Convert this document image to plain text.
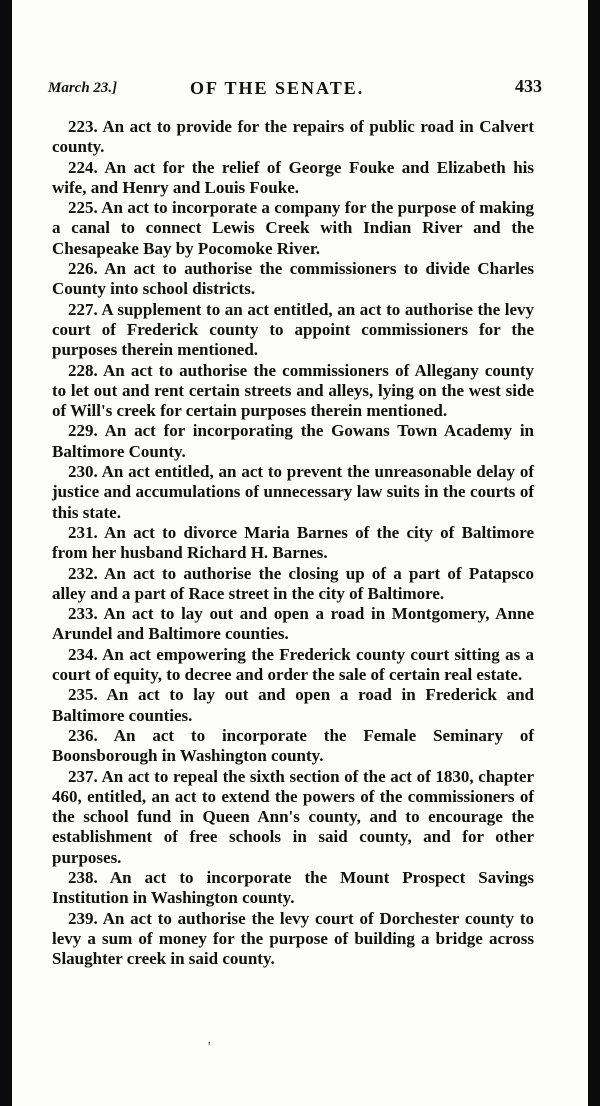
March 23.]	OF THE SENATE.	433

223. An act to provide for the repairs of public road in Calvert county.

224. An act for the relief of George Fouke and Elizabeth his wife, and Henry and Louis Fouke.

225. An act to incorporate a company for the purpose of making a canal to connect Lewis Creek with Indian River and the Chesapeake Bay by Pocomoke River.

226. An act to authorise the commissioners to divide Charles County into school districts.

227. A supplement to an act entitled, an act to authorise the levy court of Frederick county to appoint commissioners for the purposes therein mentioned.

228. An act to authorise the commissioners of Allegany county to let out and rent certain streets and alleys, lying on the west side of Will's creek for certain purposes therein mentioned.

229. An act for incorporating the Gowans Town Academy in Baltimore County.

230. An act entitled, an act to prevent the unreasonable delay of justice and accumulations of unnecessary law suits in the courts of this state.

231. An act to divorce Maria Barnes of the city of Baltimore from her husband Richard H. Barnes.

232. An act to authorise the closing up of a part of Patapsco alley and a part of Race street in the city of Baltimore.

233. An act to lay out and open a road in Montgomery, Anne Arundel and Baltimore counties.

234. An act empowering the Frederick county court sitting as a court of equity, to decree and order the sale of certain real estate.

235. An act to lay out and open a road in Frederick and Baltimore counties.

236. An act to incorporate the Female Seminary of Boonsborough in Washington county.

237. An act to repeal the sixth section of the act of 1830, chapter 460, entitled, an act to extend the powers of the commissioners of the school fund in Queen Ann's county, and to encourage the establishment of free schools in said county, and for other purposes.

238. An act to incorporate the Mount Prospect Savings Institution in Washington county.

239. An act to authorise the levy court of Dorchester county to levy a sum of money for the purpose of building a bridge across Slaughter creek in said county.

'
